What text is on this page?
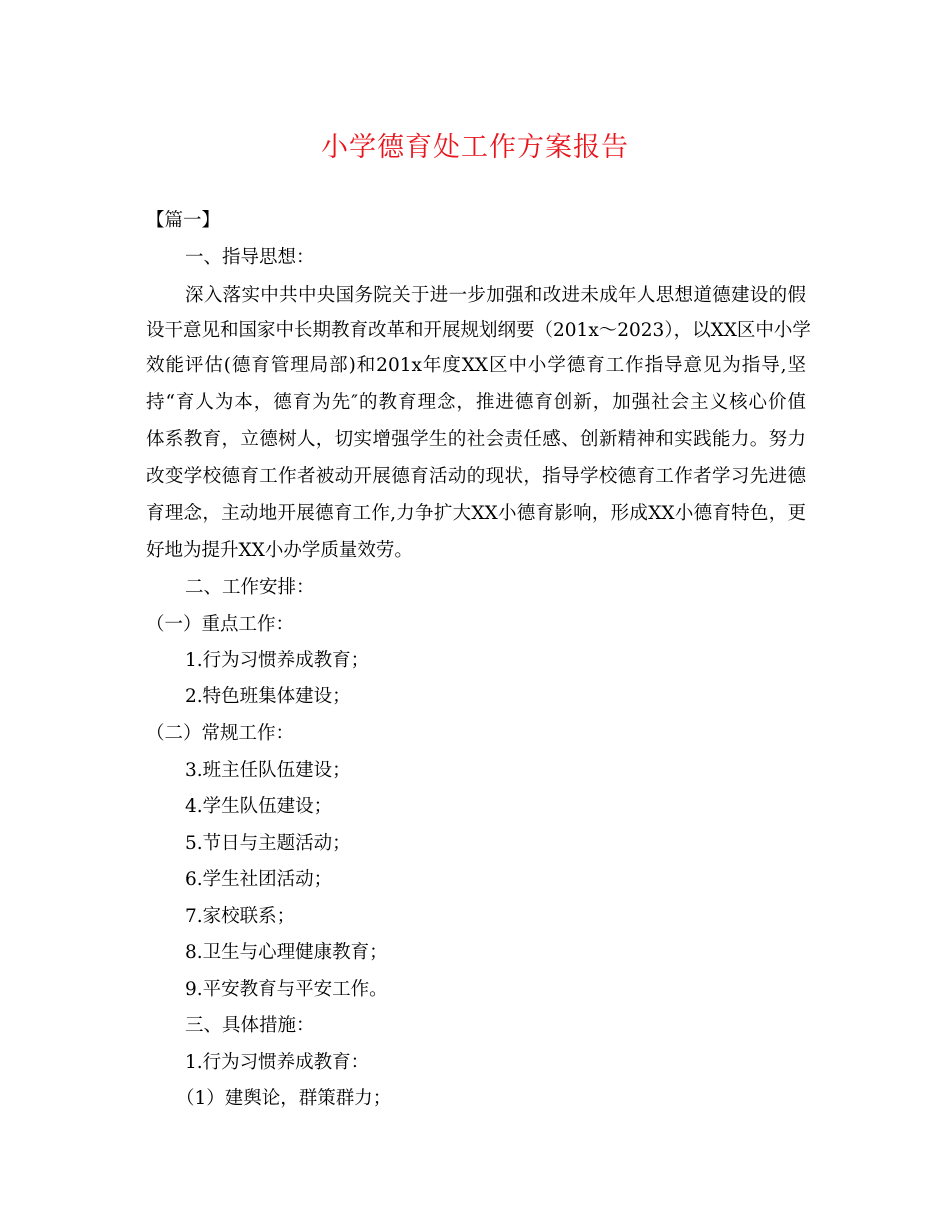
小学德育处工作方案报告
【篇一】
一、指导思想：
深入落实中共中央国务院关于进一步加强和改进未成年人思想道德建设的假
设干意见和国家中长期教育改革和开展规划纲要（201x～2023），以XX区中小学
效能评估(德育管理局部)和201x年度XX区中小学德育工作指导意见为指导,坚
持“育人为本，德育为先″的教育理念，推进德育创新，加强社会主义核心价值
体系教育，立德树人，切实增强学生的社会责任感、创新精神和实践能力。努力
改变学校德育工作者被动开展德育活动的现状，指导学校德育工作者学习先进德
育理念，主动地开展德育工作,力争扩大XX小德育影响，形成XX小德育特色，更
好地为提升XX小办学质量效劳。
二、工作安排：
（一）重点工作：
1.行为习惯养成教育；
2.特色班集体建设；
（二）常规工作：
3.班主任队伍建设；
4.学生队伍建设；
5.节日与主题活动；
6.学生社团活动；
7.家校联系；
8.卫生与心理健康教育；
9.平安教育与平安工作。
三、具体措施：
1.行为习惯养成教育：
（1）建舆论，群策群力；
